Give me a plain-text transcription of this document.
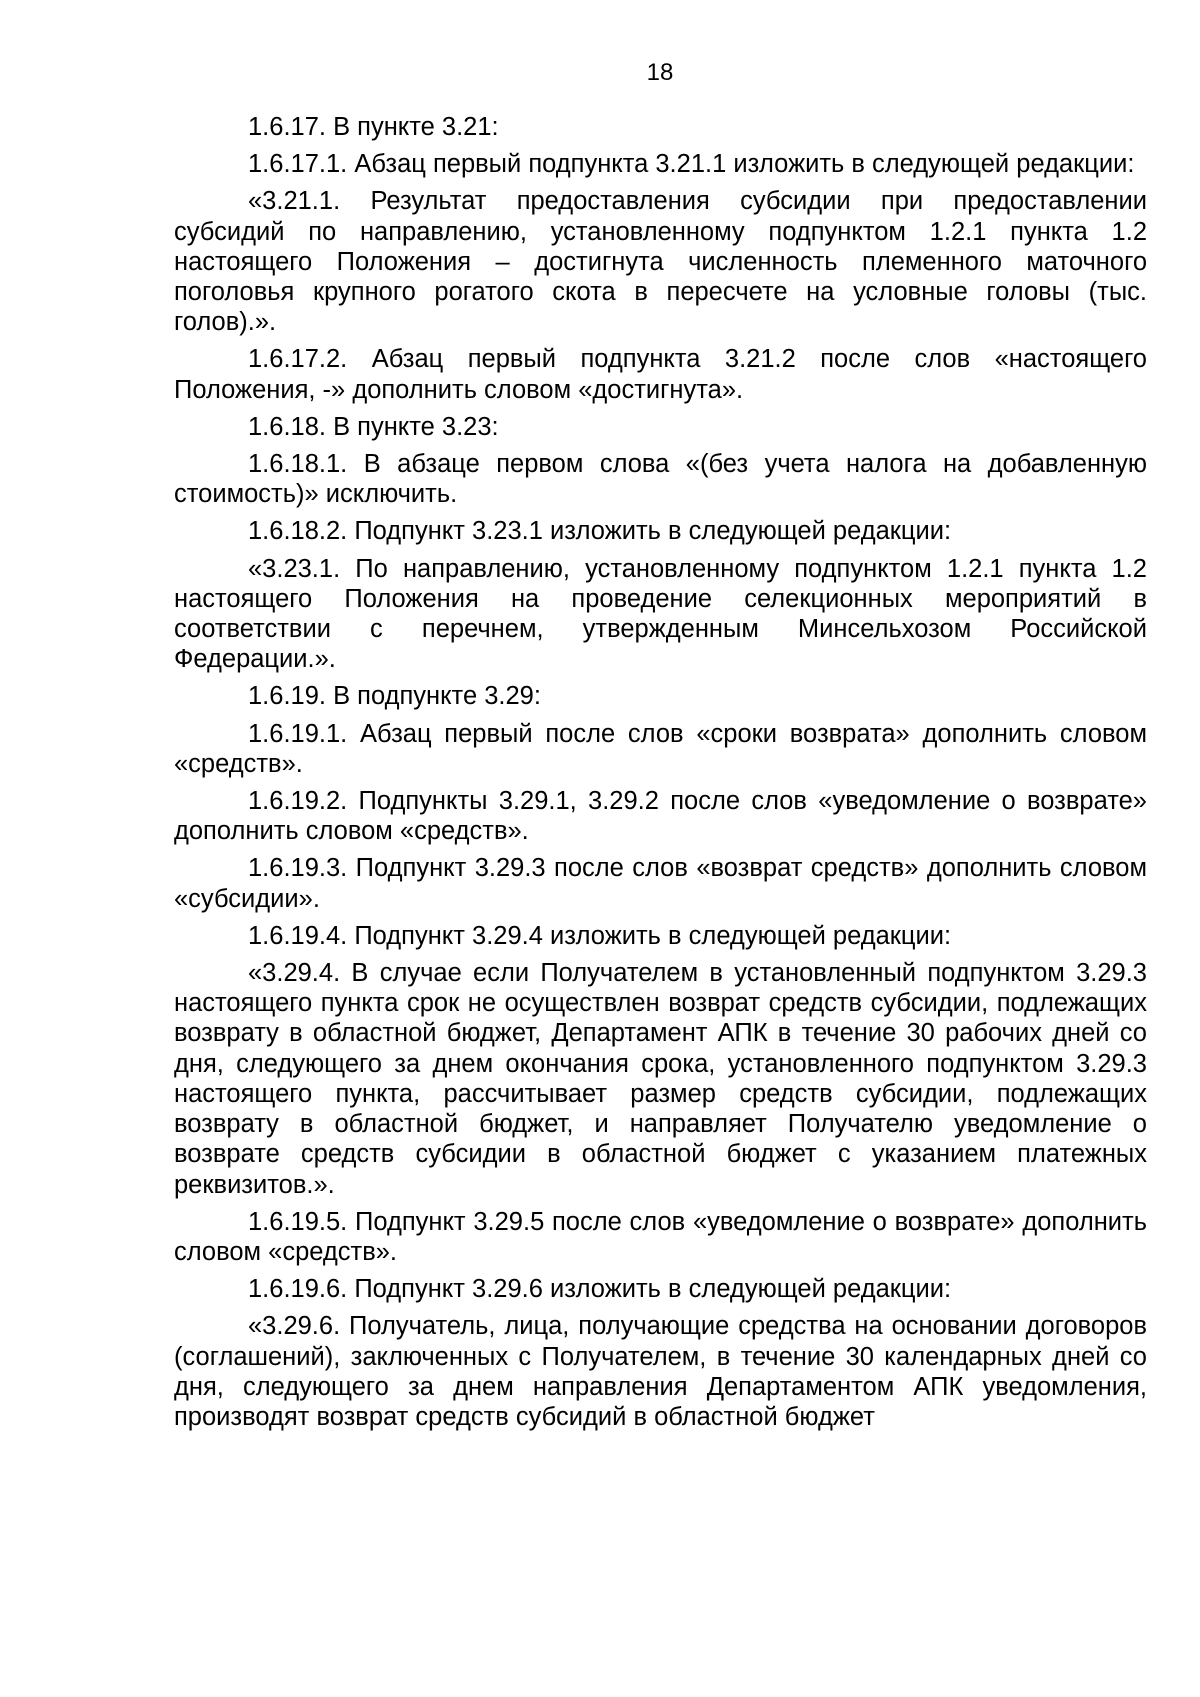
18

1.6.17. В пункте 3.21:

1.6.17.1. Абзац первый подпункта 3.21.1 изложить в следующей редакции:

«3.21.1. Результат предоставления субсидии при предоставлении субсидий по направлению, установленному подпунктом 1.2.1 пункта 1.2 настоящего Положения – достигнута численность племенного маточного поголовья крупного рогатого скота в пересчете на условные головы (тыс. голов).».

1.6.17.2. Абзац первый подпункта 3.21.2 после слов «настоящего Положения, -» дополнить словом «достигнута».

1.6.18. В пункте 3.23:

1.6.18.1. В абзаце первом слова «(без учета налога на добавленную стоимость)» исключить.

1.6.18.2. Подпункт 3.23.1 изложить в следующей редакции:

«3.23.1. По направлению, установленному подпунктом 1.2.1 пункта 1.2 настоящего Положения на проведение селекционных мероприятий в соответствии с перечнем, утвержденным Минсельхозом Российской Федерации.».

1.6.19. В подпункте 3.29:

1.6.19.1. Абзац первый после слов «сроки возврата» дополнить словом «средств».

1.6.19.2. Подпункты 3.29.1, 3.29.2 после слов «уведомление о возврате» дополнить словом «средств».

1.6.19.3. Подпункт 3.29.3 после слов «возврат средств» дополнить словом «субсидии».

1.6.19.4. Подпункт 3.29.4 изложить в следующей редакции:

«3.29.4. В случае если Получателем в установленный подпунктом 3.29.3 настоящего пункта срок не осуществлен возврат средств субсидии, подлежащих возврату в областной бюджет, Департамент АПК в течение 30 рабочих дней со дня, следующего за днем окончания срока, установленного подпунктом 3.29.3 настоящего пункта, рассчитывает размер средств субсидии, подлежащих возврату в областной бюджет, и направляет Получателю уведомление о возврате средств субсидии в областной бюджет с указанием платежных реквизитов.».

1.6.19.5. Подпункт 3.29.5 после слов «уведомление о возврате» дополнить словом «средств».

1.6.19.6. Подпункт 3.29.6 изложить в следующей редакции:

«3.29.6. Получатель, лица, получающие средства на основании договоров (соглашений), заключенных с Получателем, в течение 30 календарных дней со дня, следующего за днем направления Департаментом АПК уведомления, производят возврат средств субсидий в областной бюджет
